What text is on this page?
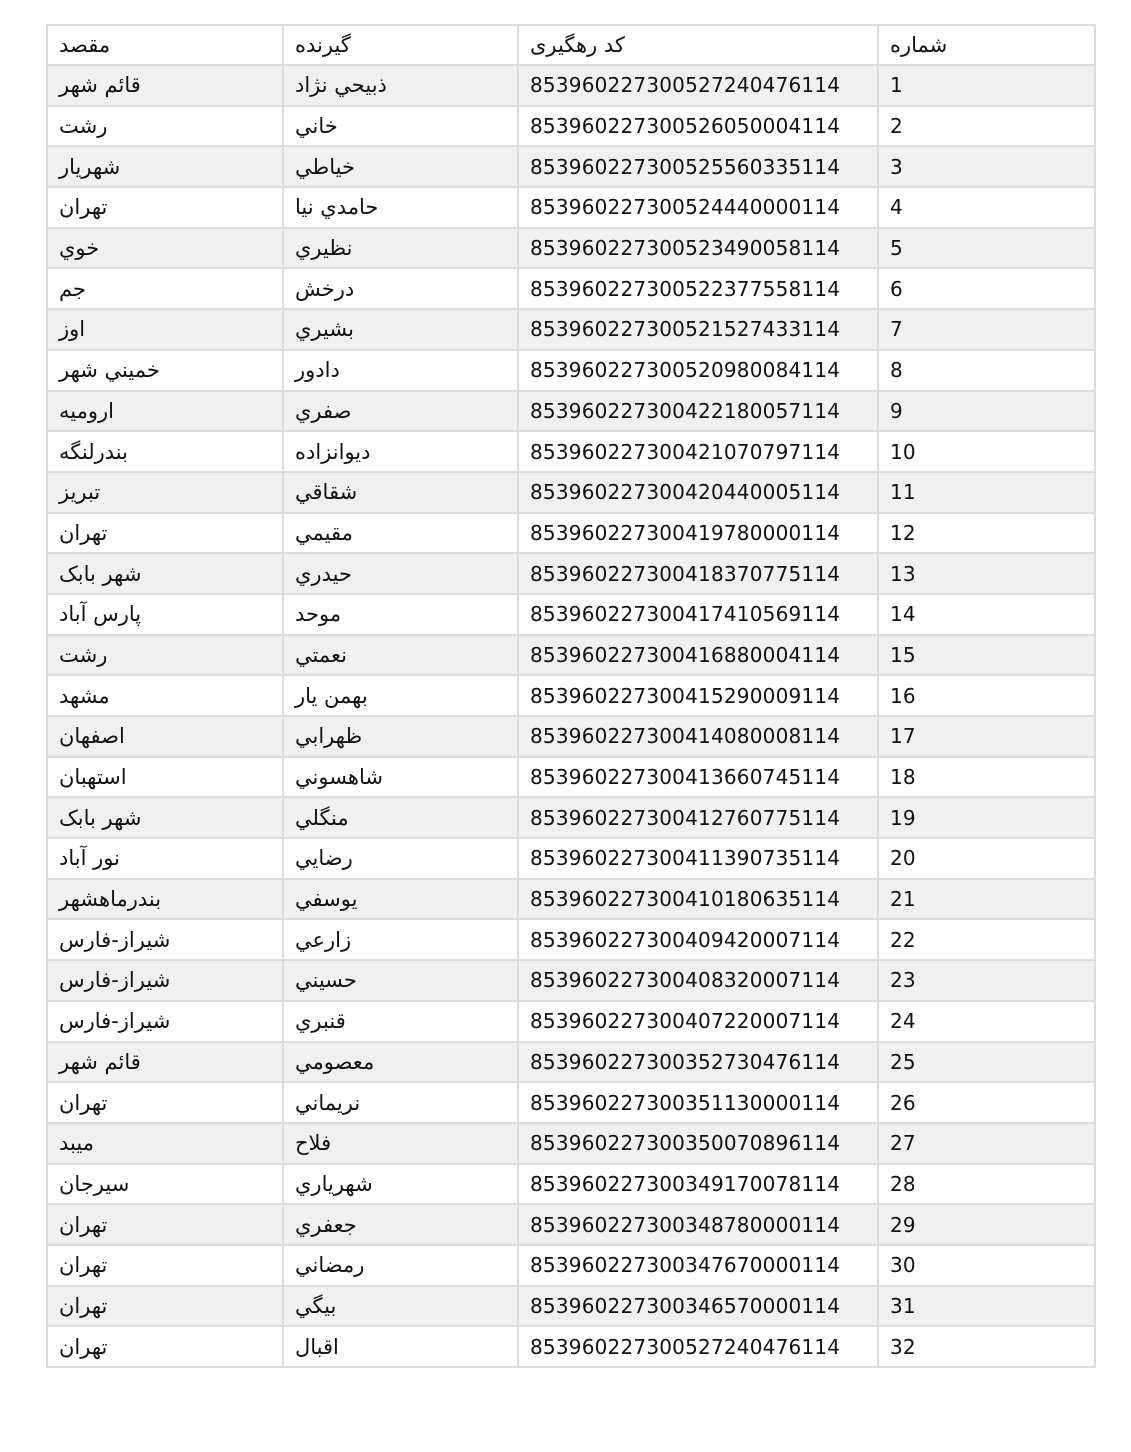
مقصد	گیرنده	کد رهگیری	شماره
قائم شهر	ذبيحي نژاد	853960227300527240476114	1
رشت	خاني	853960227300526050004114	2
شهريار	خياطي	853960227300525560335114	3
تهران	حامدي نيا	853960227300524440000114	4
خوي	نظيري	853960227300523490058114	5
جم	درخش	853960227300522377558114	6
اوز	بشيري	853960227300521527433114	7
خميني شهر	دادور	853960227300520980084114	8
اروميه	صفري	853960227300422180057114	9
بندرلنگه	ديوانزاده	853960227300421070797114	10
تبريز	شقاقي	853960227300420440005114	11
تهران	مقيمي	853960227300419780000114	12
شهر بابک	حيدري	853960227300418370775114	13
پارس آباد	موحد	853960227300417410569114	14
رشت	نعمتي	853960227300416880004114	15
مشهد	بهمن يار	853960227300415290009114	16
اصفهان	ظهرابي	853960227300414080008114	17
استهبان	شاهسوني	853960227300413660745114	18
شهر بابک	منگلي	853960227300412760775114	19
نور آباد	رضايي	853960227300411390735114	20
بندرماهشهر	يوسفي	853960227300410180635114	21
شيراز-فارس	زارعي	853960227300409420007114	22
شيراز-فارس	حسيني	853960227300408320007114	23
شيراز-فارس	قنبري	853960227300407220007114	24
قائم شهر	معصومي	853960227300352730476114	25
تهران	نريماني	853960227300351130000114	26
ميبد	فلاح	853960227300350070896114	27
سيرجان	شهرياري	853960227300349170078114	28
تهران	جعفري	853960227300348780000114	29
تهران	رمضاني	853960227300347670000114	30
تهران	بيگي	853960227300346570000114	31
تهران	اقبال	853960227300527240476114	32
